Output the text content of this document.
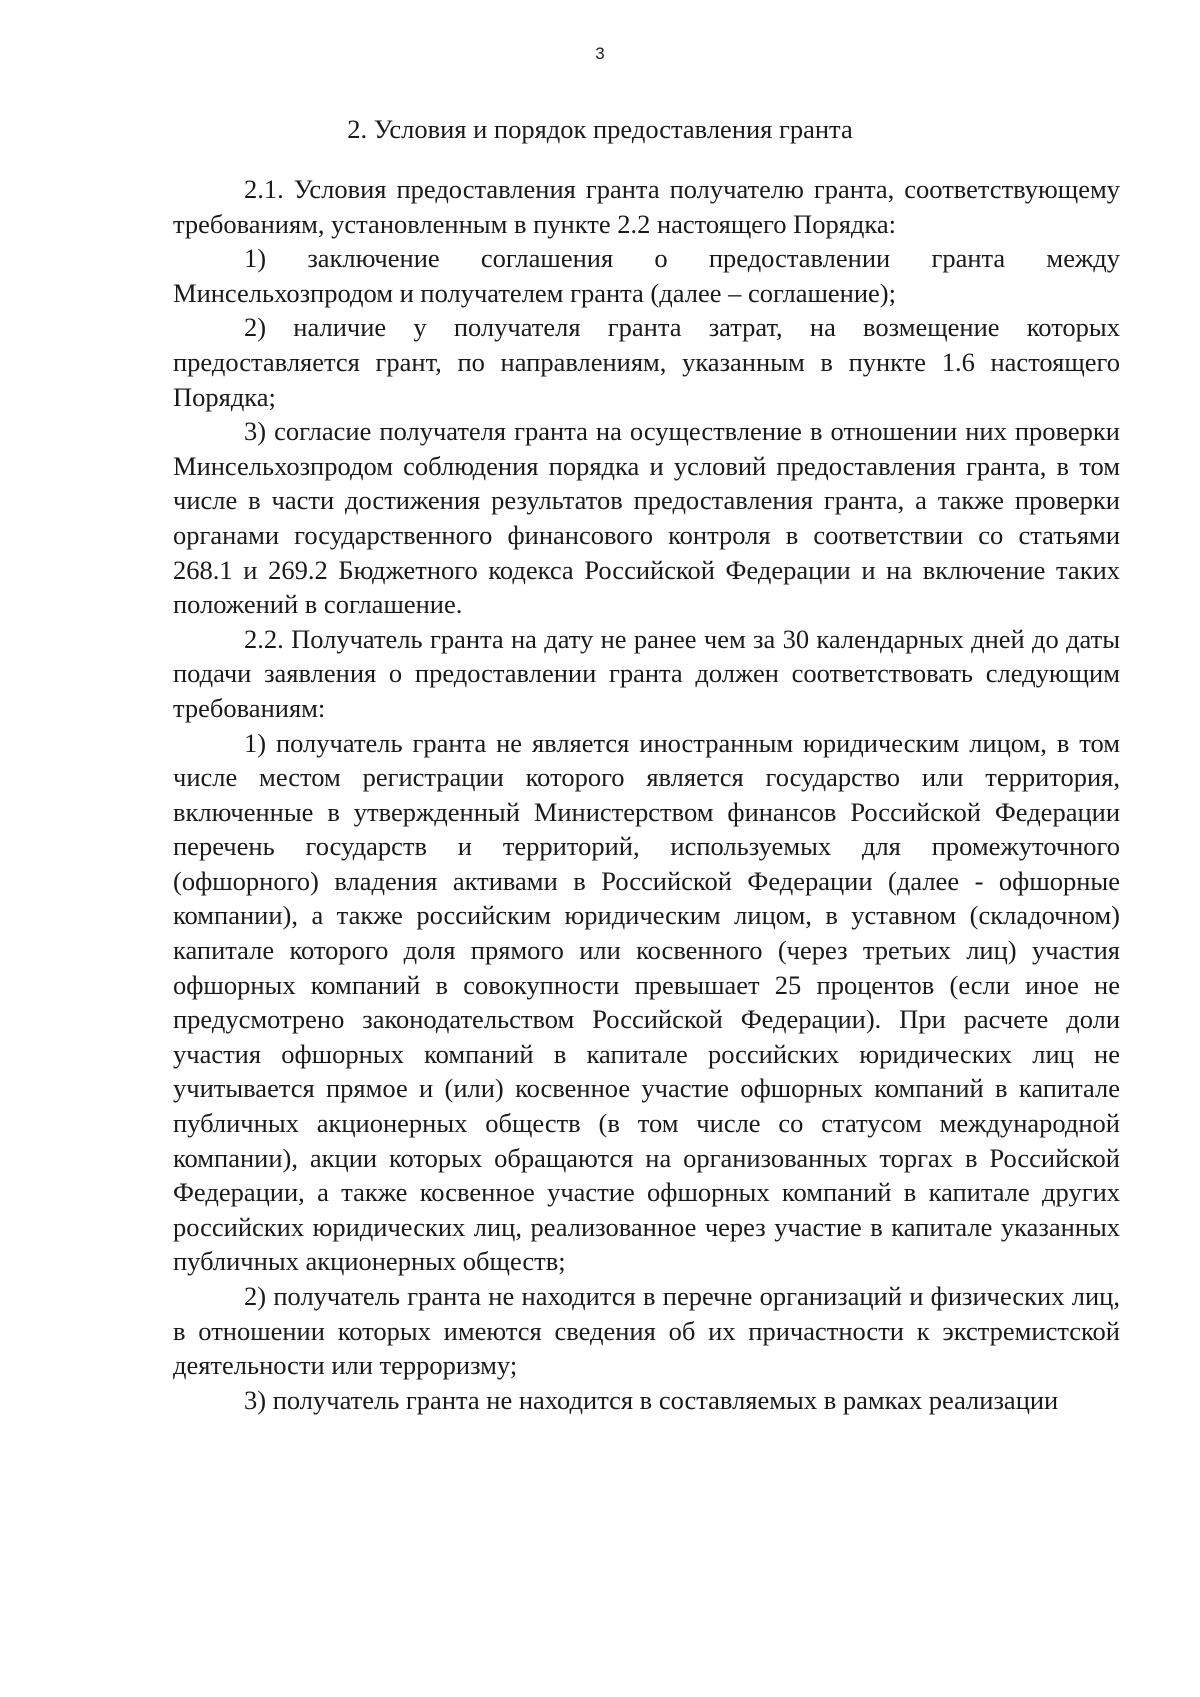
3
2. Условия и порядок предоставления гранта

2.1. Условия предоставления гранта получателю гранта, соответствующему требованиям, установленным в пункте 2.2 настоящего Порядка:

1) заключение соглашения о предоставлении гранта между Минсельхозпродом и получателем гранта (далее – соглашение);

2) наличие у получателя гранта затрат, на возмещение которых предоставляется грант, по направлениям, указанным в пункте 1.6 настоящего Порядка;

3) согласие получателя гранта на осуществление в отношении них проверки Минсельхозпродом соблюдения порядка и условий предоставления гранта, в том числе в части достижения результатов предоставления гранта, а также проверки органами государственного финансового контроля в соответствии со статьями 268.1 и 269.2 Бюджетного кодекса Российской Федерации и на включение таких положений в соглашение.

2.2. Получатель гранта на дату не ранее чем за 30 календарных дней до даты подачи заявления о предоставлении гранта должен соответствовать следующим требованиям:

1) получатель гранта не является иностранным юридическим лицом, в том числе местом регистрации которого является государство или территория, включенные в утвержденный Министерством финансов Российской Федерации перечень государств и территорий, используемых для промежуточного (офшорного) владения активами в Российской Федерации (далее - офшорные компании), а также российским юридическим лицом, в уставном (складочном) капитале которого доля прямого или косвенного (через третьих лиц) участия офшорных компаний в совокупности превышает 25 процентов (если иное не предусмотрено законодательством Российской Федерации). При расчете доли участия офшорных компаний в капитале российских юридических лиц не учитывается прямое и (или) косвенное участие офшорных компаний в капитале публичных акционерных обществ (в том числе со статусом международной компании), акции которых обращаются на организованных торгах в Российской Федерации, а также косвенное участие офшорных компаний в капитале других российских юридических лиц, реализованное через участие в капитале указанных публичных акционерных обществ;

2) получатель гранта не находится в перечне организаций и физических лиц, в отношении которых имеются сведения об их причастности к экстремистской деятельности или терроризму;

3) получатель гранта не находится в составляемых в рамках реализации
